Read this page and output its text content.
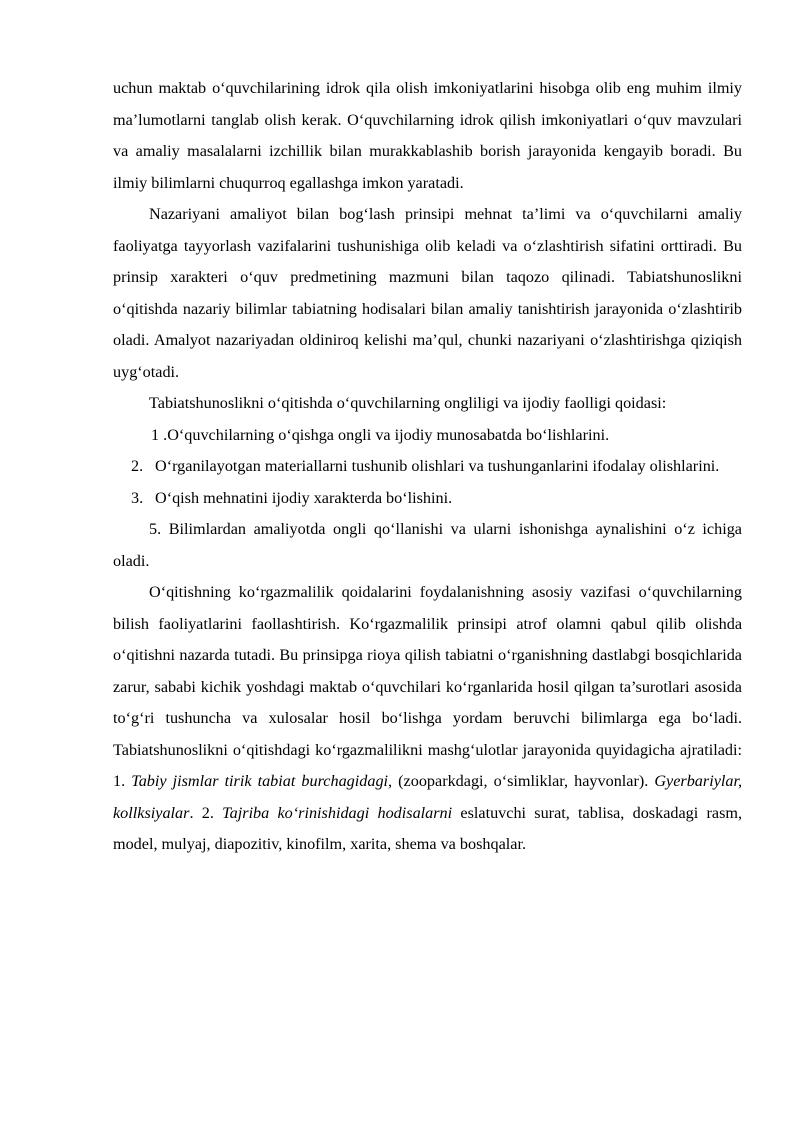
uchun maktab o‘quvchilarining idrok qila olish imkoniyatlarini hisobga olib eng muhim ilmiy ma’lumotlarni tanglab olish kerak. O‘quvchilarning idrok qilish imkoniyatlari o‘quv mavzulari va amaliy masalalarni izchillik bilan murakkablashib borish jarayonida kengayib boradi. Bu ilmiy bilimlarni chuqurroq egallashga imkon yaratadi.

Nazariyani amaliyot bilan bog‘lash prinsipi mehnat ta’limi va o‘quvchilarni amaliy faoliyatga tayyorlash vazifalarini tushunishiga olib keladi va o‘zlashtirish sifatini orttiradi. Bu prinsip xarakteri o‘quv predmetining mazmuni bilan taqozo qilinadi. Tabiatshunoslikni o‘qitishda nazariy bilimlar tabiatning hodisalari bilan amaliy tanishtirish jarayonida o‘zlashtirib oladi. Amalyot nazariyadan oldiniroq kelishi ma’qul, chunki nazariyani o‘zlashtirishga qiziqish uyg‘otadi.

Tabiatshunoslikni o‘qitishda o‘quvchilarning ongliligi va ijodiy faolligi qoidasi:

1 .O‘quvchilarning o‘qishga ongli va ijodiy munosabatda bo‘lishlarini.

2. O‘rganilayotgan materiallarni tushunib olishlari va tushunganlarini ifodalay olishlarini.

3. O‘qish mehnatini ijodiy xarakterda bo‘lishini.

5. Bilimlardan amaliyotda ongli qo‘llanishi va ularni ishonishga aynalishini o‘z ichiga oladi.

O‘qitishning ko‘rgazmalilik qoidalarini foydalanishning asosiy vazifasi o‘quvchilarning bilish faoliyatlarini faollashtirish. Ko‘rgazmalilik prinsipi atrof olamni qabul qilib olishda o‘qitishni nazarda tutadi. Bu prinsipga rioya qilish tabiatni o‘rganishning dastlabgi bosqichlarida zarur, sababi kichik yoshdagi maktab o‘quvchilari ko‘rganlarida hosil qilgan ta’surotlari asosida to‘g‘ri tushuncha va xulosalar hosil bo‘lishga yordam beruvchi bilimlarga ega bo‘ladi. Tabiatshunoslikni o‘qitishdagi ko‘rgazmalilikni mashg‘ulotlar jarayonida quyidagicha ajratiladi: 1. Tabiy jismlar tirik tabiat burchagidagi, (zooparkdagi, o‘simliklar, hayvonlar). Gyerbariylar, kollksiyalar. 2. Tajriba ko‘rinishidagi hodisalarni eslatuvchi surat, tablisa, doskadagi rasm, model, mulyaj, diapozitiv, kinofilm, xarita, shema va boshqalar.
